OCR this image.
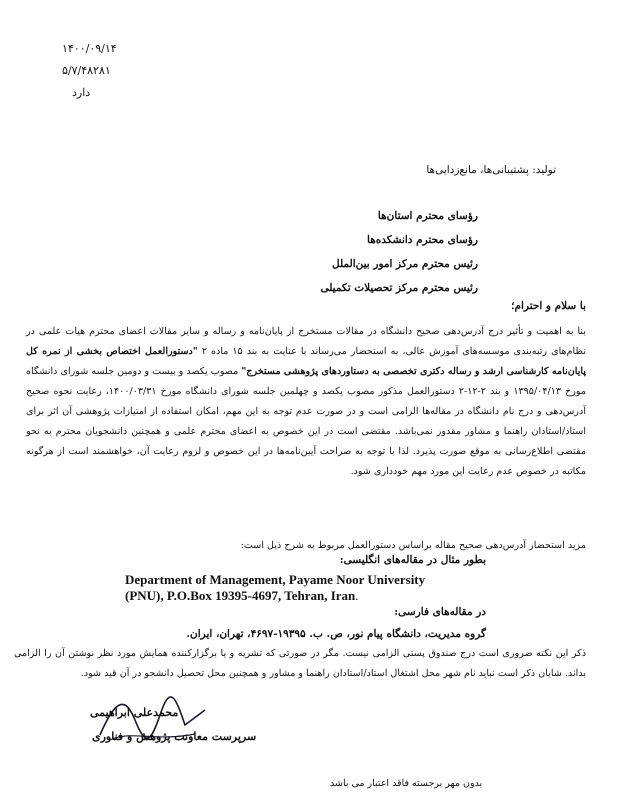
۱۴۰۰/۰۹/۱۴
۵/۷/۴۸۲۸۱
دارد
تولید: پشتیبانی‌ها، مانع‌زدایی‌ها
رؤسای محترم استان‌ها
رؤسای محترم دانشکده‌ها
رئیس محترم مرکز امور بین‌الملل
رئیس محترم مرکز تحصیلات تکمیلی
با سلام و احترام؛
بنا به اهمیت و تأثیر درج آدرس‌دهی صحیح دانشگاه در مقالات مستخرج از پایان‌نامه و رساله و سایر مقالات اعضای محترم هیات علمی در نظام‌های رتبه‌بندی موسسه‌های آموزش عالی، به استحضار می‌رساند با عنایت به بند ۱۵ ماده ۲ "دستورالعمل اختصاص بخشی از نمره کل پایان‌نامه کارشناسی ارشد و رساله دکتری تخصصی به دستاوردهای پژوهشی مستخرج" مصوب یکصد و بیست و دومین جلسه شورای دانشگاه مورخ ۱۳۹۵/۰۴/۱۳ و بند ۲-۱۲-۲ دستورالعمل مذکور مصوب یکصد و چهلمین جلسه شورای دانشگاه مورخ ۱۴۰۰/۰۳/۳۱، رعایت نحوه صحیح آدرس‌دهی و درج نام دانشگاه در مقاله‌ها الزامی است و در صورت عدم توجه به این مهم، امکان استفاده از امتیازات پژوهشی آن اثر برای استاد/استادان راهنما و مشاور مقدور نمی‌باشد. مقتضی است در این خصوص به اعضای محترم علمی و همچنین دانشجویان محترم به نحو مقتضی اطلاع‌رسانی به موقع صورت پذیرد. لذا با توجه به صراحت آیین‌نامه‌ها در این خصوص و لزوم رعایت آن، خواهشمند است از هرگونه مکاتبه در خصوص عدم رعایت این مورد مهم خودداری شود.
مزید استحضار آدرس‌دهی صحیح مقاله براساس دستورالعمل مربوط به شرح ذیل است:
بطور مثال در مقاله‌های انگلیسی:
Department of Management, Payame Noor University (PNU), P.O.Box 19395-4697, Tehran, Iran.
در مقاله‌های فارسی:
گروه مدیریت، دانشگاه پیام نور، ص. ب. ۱۹۳۹۵-۴۶۹۷، تهران، ایران.
ذکر این نکته ضروری است درج صندوق پستی الزامی نیست. مگر در صورتی که تشریه و یا برگزارکننده همایش مورد نظر نوشتن آن را الزامی بداند. شایان ذکر است نباید نام شهر محل اشتغال استاد/استادان راهنما و مشاور و همچنین محل تحصیل دانشجو در آن قید شود.
محمدعلی ابراهیمی
سرپرست معاونت پژوهش و فناوری
بدون مهر برجسته فاقد اعتبار می باشد
